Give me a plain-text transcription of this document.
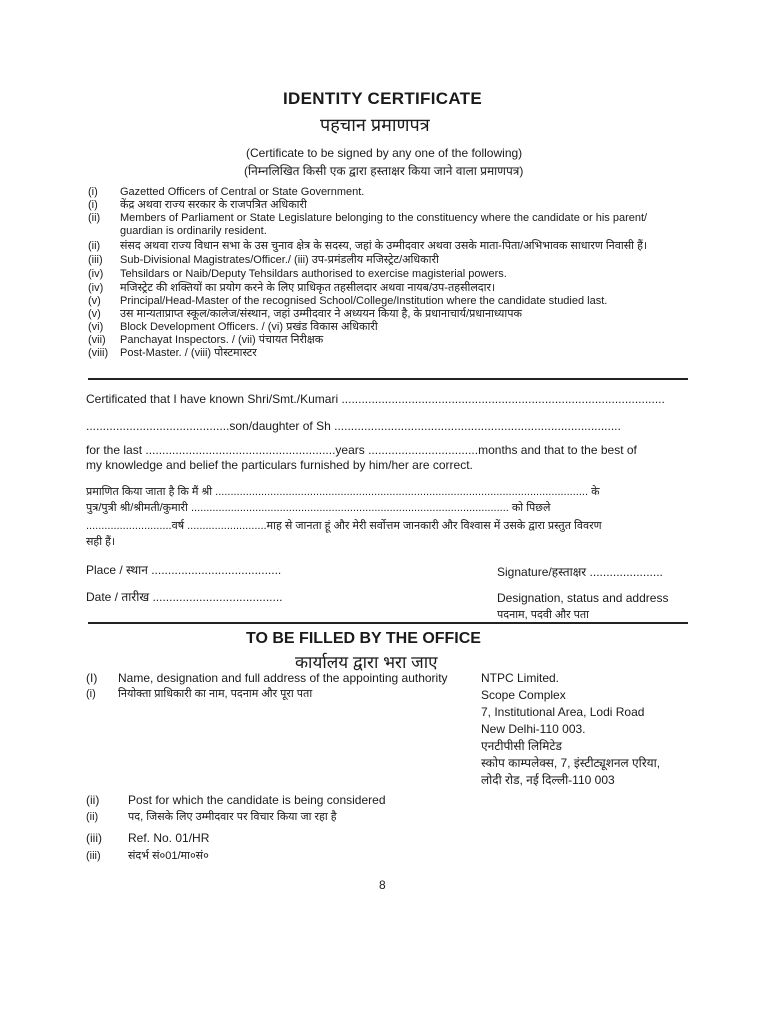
IDENTITY CERTIFICATE
पहचान प्रमाणपत्र
(Certificate to be signed by any one of the following)
(निम्नलिखित किसी एक द्वारा हस्ताक्षर किया जाने वाला प्रमाणपत्र)
(i) Gazetted Officers of Central or State Government.
(i) केंद्र अथवा राज्य सरकार के राजपत्रित अधिकारी
(ii) Members of Parliament or State Legislature belonging to the constituency where the candidate or his parent/
guardian is ordinarily resident.
(ii) संसद अथवा राज्य विधान सभा के उस चुनाव क्षेत्र के सदस्य, जहां के उम्मीदवार अथवा उसके माता-पिता/अभिभावक साधारण निवासी हैं।
(iii) Sub-Divisional Magistrates/Officer./ (iii) उप-प्रमंडलीय मजिस्ट्रेट/अधिकारी
(iv) Tehsildars or Naib/Deputy Tehsildars authorised to exercise magisterial powers.
(iv) मजिस्ट्रेट की शक्तियों का प्रयोग करने के लिए प्राधिकृत तहसीलदार अथवा नायब/उप-तहसीलदार।
(v) Principal/Head-Master of the recognised School/College/Institution where the candidate studied last.
(v) उस मान्यताप्राप्त स्कूल/कालेज/संस्थान, जहां उम्मीदवार ने अध्ययन किया है, के प्रधानाचार्य/प्रधानाध्यापक
(vi) Block Development Officers. / (vi) प्रखंड विकास अधिकारी
(vii) Panchayat Inspectors. / (vii) पंचायत निरीक्षक
(viii) Post-Master. / (viii) पोस्टमास्टर
Certificated that I have known Shri/Smt./Kumari .................................................................................................
...........................................son/daughter of Sh ......................................................................................
for the last .........................................................years .................................months and that to the best of
my knowledge and belief the particulars furnished by him/her are correct.
प्रमाणित किया जाता है कि मैं श्री .......................................................................................................................... के
पुत्र/पुत्री श्री/श्रीमती/कुमारी ........................................................................................................ को पिछले
............................वर्ष ..........................माह से जानता हूं और मेरी सर्वोत्तम जानकारी और विश्वास में उसके द्वारा प्रस्तुत विवरण
सही हैं।
Place / स्थान .......................................	Signature/हस्ताक्षर ......................
Date / तारीख .......................................	Designation, status and address
पदनाम, पदवी और पता
TO BE FILLED BY THE OFFICE
कार्यालय द्वारा भरा जाए
(I) Name, designation and full address of the appointing authority
(i) नियोक्ता प्राधिकारी का नाम, पदनाम और पूरा पता
NTPC Limited.
Scope Complex
7, Institutional Area, Lodi Road
New Delhi-110 003.
एनटीपीसी लिमिटेड
स्कोप काम्पलेक्स, 7, इंस्टीट्यूशनल एरिया,
लोदी रोड, नई दिल्ली-110 003
(ii) Post for which the candidate is being considered
(ii)	पद, जिसके लिए उम्मीदवार पर विचार किया जा रहा है
(iii) Ref. No. 01/HR
(iii) संदर्भ सं०01/मा०सं०
8
